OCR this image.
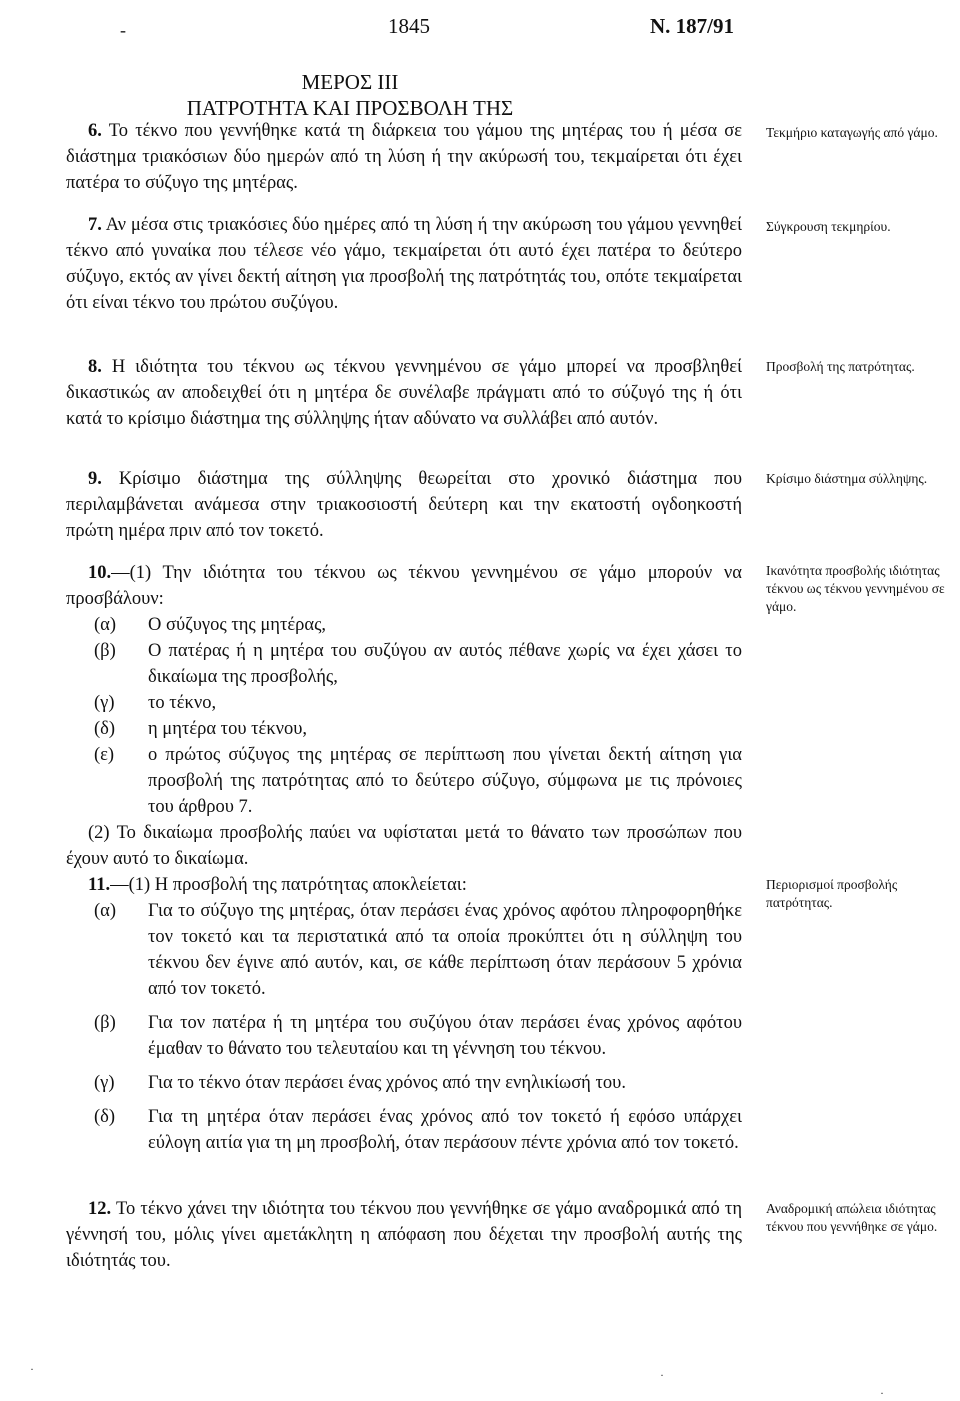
-	1845	Ν. 187/91
ΜΕΡΟΣ III
ΠΑΤΡΟΤΗΤΑ ΚΑΙ ΠΡΟΣΒΟΛΗ ΤΗΣ

6. Το τέκνο που γεννήθηκε κατά τη διάρκεια του γάμου της μητέρας του ή μέσα σε διάστημα τριακόσιων δύο ημερών από τη λύση ή την ακύρωσή του, τεκμαίρεται ότι έχει πατέρα το σύζυγο της μητέρας.

Τεκμήριο καταγωγής από γάμο.

7. Αν μέσα στις τριακόσιες δύο ημέρες από τη λύση ή την ακύρωση του γάμου γεννηθεί τέκνο από γυναίκα που τέλεσε νέο γάμο, τεκμαίρεται ότι αυτό έχει πατέρα το δεύτερο σύζυγο, εκτός αν γίνει δεκτή αίτηση για προσβολή της πατρότητάς του, οπότε τεκμαίρεται ότι είναι τέκνο του πρώτου συζύγου.

Σύγκρουση τεκμηρίου.

8. Η ιδιότητα του τέκνου ως τέκνου γεννημένου σε γάμο μπορεί να προσβληθεί δικαστικώς αν αποδειχθεί ότι η μητέρα δε συνέλαβε πράγματι από το σύζυγό της ή ότι κατά το κρίσιμο διάστημα της σύλληψης ήταν αδύνατο να συλλάβει από αυτόν.

Προσβολή της πατρότητας.

9. Κρίσιμο διάστημα της σύλληψης θεωρείται στο χρονικό διάστημα που περιλαμβάνεται ανάμεσα στην τριακοσιοστή δεύτερη και την εκατοστή ογδοηκοστή πρώτη ημέρα πριν από τον τοκετό.

Κρίσιμο διάστημα σύλληψης.

10.—(1) Την ιδιότητα του τέκνου ως τέκνου γεννημένου σε γάμο μπορούν να προσβάλουν:

(α) Ο σύζυγος της μητέρας,
(β) Ο πατέρας ή η μητέρα του συζύγου αν αυτός πέθανε χωρίς να έχει χάσει το δικαίωμα της προσβολής,
(γ) το τέκνο,
(δ) η μητέρα του τέκνου,
(ε) ο πρώτος σύζυγος της μητέρας σε περίπτωση που γίνεται δεκτή αίτηση για προσβολή της πατρότητας από το δεύτερο σύζυγο, σύμφωνα με τις πρόνοιες του άρθρου 7.

(2) Το δικαίωμα προσβολής παύει να υφίσταται μετά το θάνατο των προσώπων που έχουν αυτό το δικαίωμα.

Ικανότητα προσβολής ιδιότητας τέκνου ως τέκνου γεννημένου σε γάμο.

11.—(1) Η προσβολή της πατρότητας αποκλείεται:

(α) Για το σύζυγο της μητέρας, όταν περάσει ένας χρόνος αφότου πληροφορηθήκε τον τοκετό και τα περιστατικά από τα οποία προκύπτει ότι η σύλληψη του τέκνου δεν έγινε από αυτόν, και, σε κάθε περίπτωση όταν περάσουν 5 χρόνια από τον τοκετό.
(β) Για τον πατέρα ή τη μητέρα του συζύγου όταν περάσει ένας χρόνος αφότου έμαθαν το θάνατο του τελευταίου και τη γέννηση του τέκνου.
(γ) Για το τέκνο όταν περάσει ένας χρόνος από την ενηλικίωσή του.
(δ) Για τη μητέρα όταν περάσει ένας χρόνος από τον τοκετό ή εφόσο υπάρχει εύλογη αιτία για τη μη προσβολή, όταν περάσουν πέντε χρόνια από τον τοκετό.
Περιορισμοί προσβολής πατρότητας.

12. Το τέκνο χάνει την ιδιότητα του τέκνου που γεννήθηκε σε γάμο αναδρομικά από τη γέννησή του, μόλις γίνει αμετάκλητη η απόφαση που δέχεται την προσβολή αυτής της ιδιότητάς του.

Αναδρομική απώλεια ιδιότητας τέκνου που γεννήθηκε σε γάμο.
·	·
·
